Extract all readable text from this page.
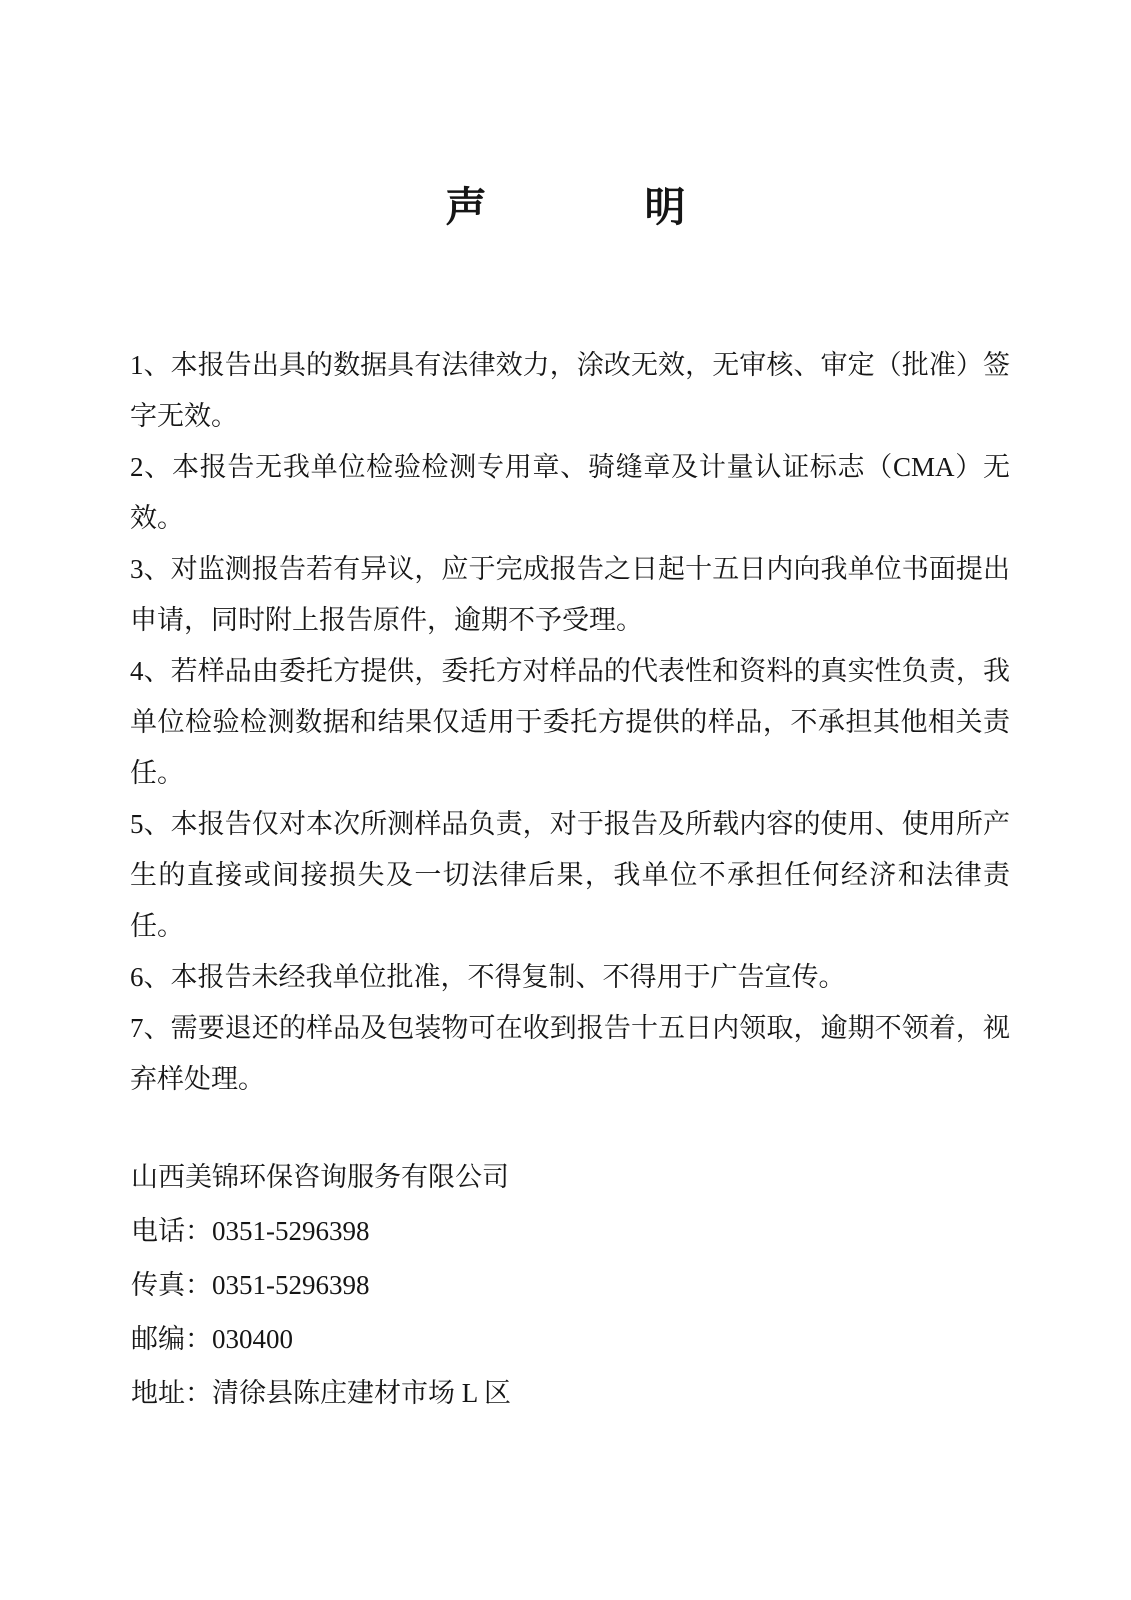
声	明

1、本报告出具的数据具有法律效力，涂改无效，无审核、审定（批准）签字无效。

2、本报告无我单位检验检测专用章、骑缝章及计量认证标志（CMA）无效。

3、对监测报告若有异议，应于完成报告之日起十五日内向我单位书面提出申请，同时附上报告原件，逾期不予受理。

4、若样品由委托方提供，委托方对样品的代表性和资料的真实性负责，我单位检验检测数据和结果仅适用于委托方提供的样品，不承担其他相关责任。

5、本报告仅对本次所测样品负责，对于报告及所载内容的使用、使用所产生的直接或间接损失及一切法律后果，我单位不承担任何经济和法律责任。

6、本报告未经我单位批准，不得复制、不得用于广告宣传。

7、需要退还的样品及包装物可在收到报告十五日内领取，逾期不领着，视弃样处理。

山西美锦环保咨询服务有限公司

电话：0351-5296398

传真：0351-5296398

邮编：030400

地址：清徐县陈庄建材市场 L 区
